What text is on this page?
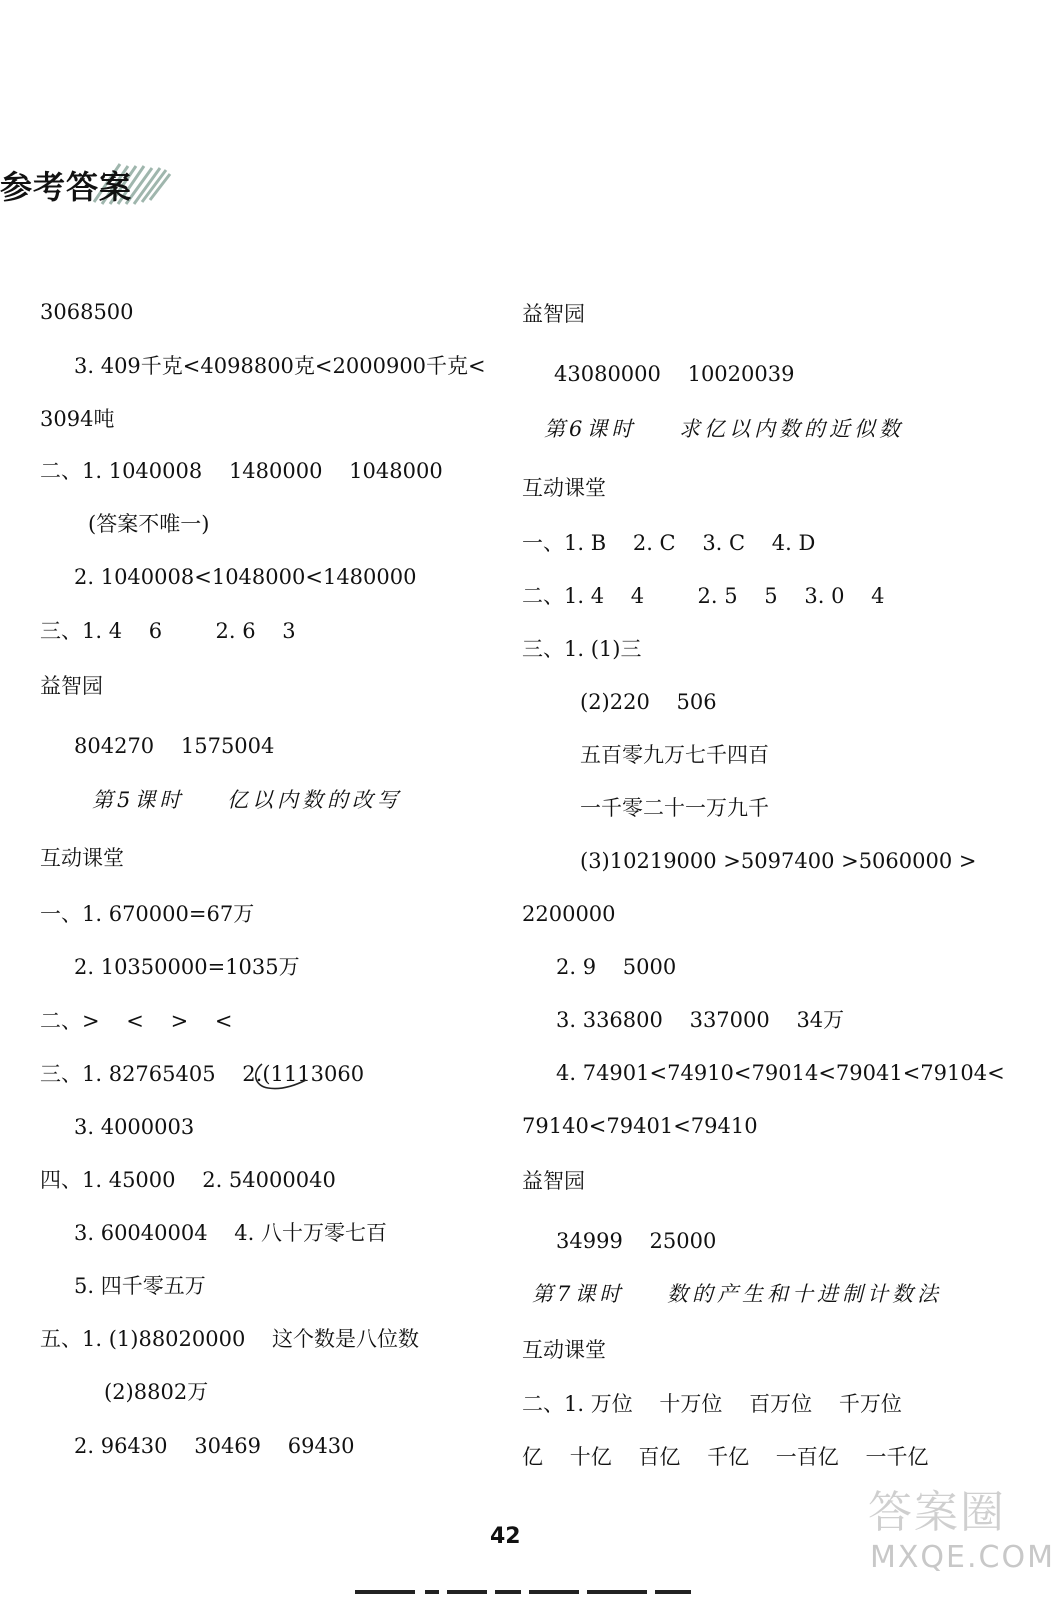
参考答案
3068500
3. 409千克<4098800克<2000900千克<
3094吨
二、1. 1040008    1480000    1048000
(答案不唯一)
2. 1040008<1048000<1480000
三、1. 4    6        2. 6    3
益智园
804270    1575004
第5课时    亿以内数的改写
互动课堂
一、1. 670000=67万
2. 10350000=1035万
二、>    <    >    <
三、1. 82765405    2.(1113060
3. 4000003
四、1. 45000    2. 54000040
3. 60040004    4. 八十万零七百
5. 四千零五万
五、1. (1)88020000    这个数是八位数
(2)8802万
2. 96430    30469    69430
益智园
43080000    10020039
第6课时    求亿以内数的近似数
互动课堂
一、1. B    2. C    3. C    4. D
二、1. 4    4        2. 5    5    3. 0    4
三、1. (1)三
(2)220    506
五百零九万七千四百
一千零二十一万九千
(3)10219000 >5097400 >5060000 >
2200000
2. 9    5000
3. 336800    337000    34万
4. 74901<74910<79014<79041<79104<
79140<79401<79410
益智园
34999    25000
第7课时    数的产生和十进制计数法
互动课堂
二、1. 万位    十万位    百万位    千万位
亿    十亿    百亿    千亿    一百亿    一千亿
42	答案圈
MXQE.COM
